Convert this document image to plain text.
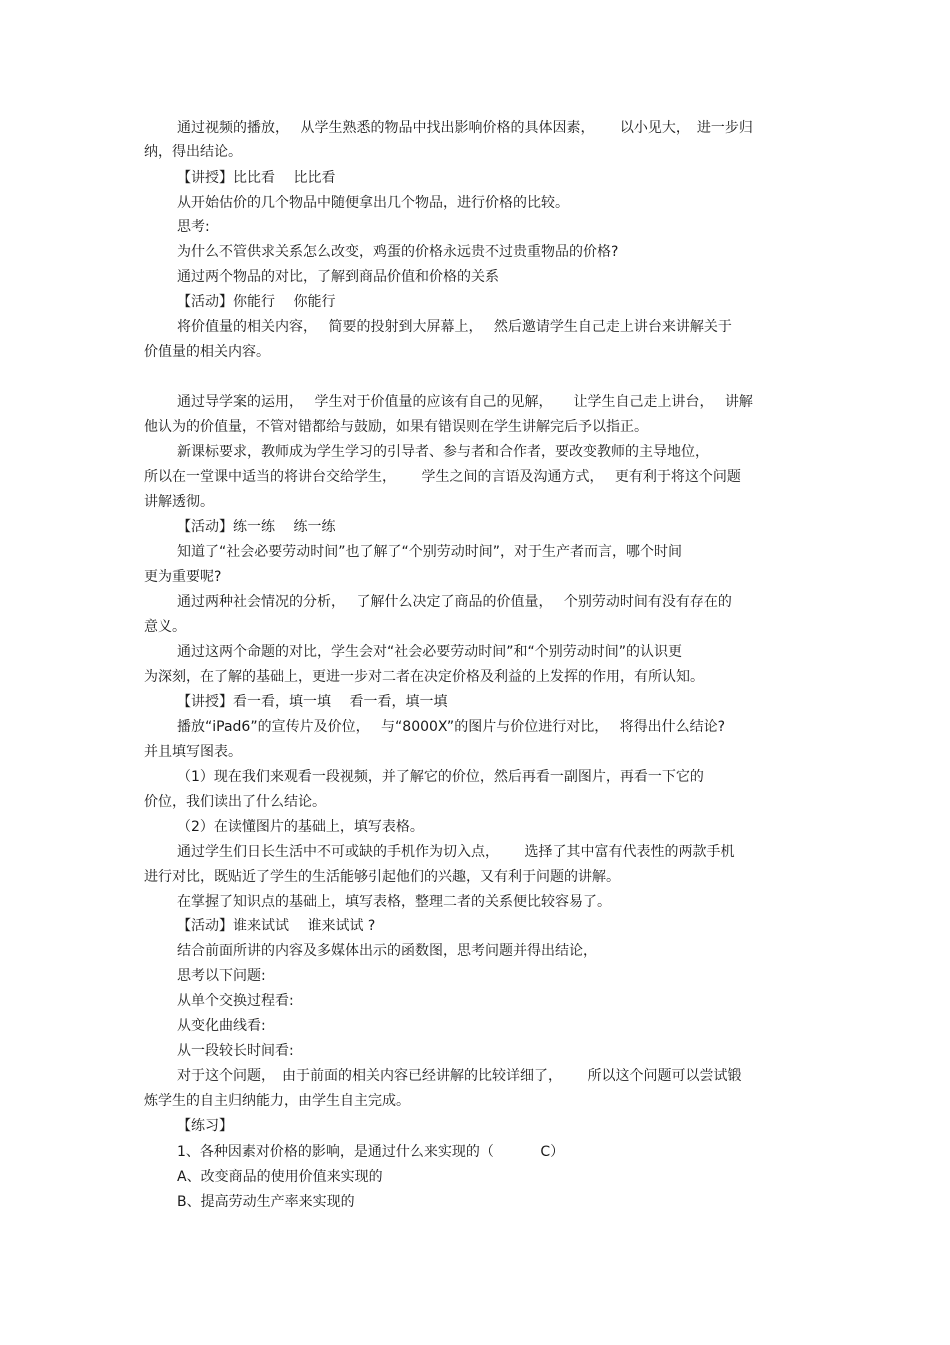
通过视频的播放，　 从学生熟悉的物品中找出影响价格的具体因素，　　 以小见大，　进一步归

纳，得出结论。

【讲授】比比看　 比比看

从开始估价的几个物品中随便拿出几个物品，进行价格的比较。

思考:

为什么不管供求关系怎么改变，鸡蛋的价格永远贵不过贵重物品的价格?

通过两个物品的对比，了解到商品价值和价格的关系

【活动】你能行　 你能行

将价值量的相关内容，　 简要的投射到大屏幕上，　 然后邀请学生自己走上讲台来讲解关于

价值量的相关内容。

通过导学案的运用，　 学生对于价值量的应该有自己的见解，　　让学生自己走上讲台，　 讲解

他认为的价值量，不管对错都给与鼓励，如果有错误则在学生讲解完后予以指正。

新课标要求，教师成为学生学习的引导者、参与者和合作者，要改变教师的主导地位，

所以在一堂课中适当的将讲台交给学生，　　 学生之间的言语及沟通方式，　 更有利于将这个问题

讲解透彻。

【活动】练一练　 练一练

知道了“社会必要劳动时间”也了解了“个别劳动时间”，对于生产者而言，哪个时间

更为重要呢?

通过两种社会情况的分析，　 了解什么决定了商品的价值量，　 个别劳动时间有没有存在的

意义。

通过这两个命题的对比，学生会对“社会必要劳动时间”和“个别劳动时间”的认识更

为深刻，在了解的基础上，更进一步对二者在决定价格及利益的上发挥的作用，有所认知。

【讲授】看一看，填一填　 看一看，填一填

播放“iPad6”的宣传片及价位，　 与“8000X”的图片与价位进行对比，　 将得出什么结论?

并且填写图表。

（1）现在我们来观看一段视频，并了解它的价位，然后再看一副图片，再看一下它的

价位，我们读出了什么结论。

（2）在读懂图片的基础上，填写表格。

通过学生们日长生活中不可或缺的手机作为切入点，　　 选择了其中富有代表性的两款手机

进行对比，既贴近了学生的生活能够引起他们的兴趣，又有利于问题的讲解。

在掌握了知识点的基础上，填写表格，整理二者的关系便比较容易了。

【活动】谁来试试　 谁来试试 ?

结合前面所讲的内容及多媒体出示的函数图，思考问题并得出结论，

思考以下问题:

从单个交换过程看:

从变化曲线看:

从一段较长时间看:

对于这个问题，　由于前面的相关内容已经讲解的比较详细了，　　 所以这个问题可以尝试锻

炼学生的自主归纳能力，由学生自主完成。

【练习】

1、各种因素对价格的影响，是通过什么来实现的（　　　 C）

A、改变商品的使用价值来实现的

B、提高劳动生产率来实现的
